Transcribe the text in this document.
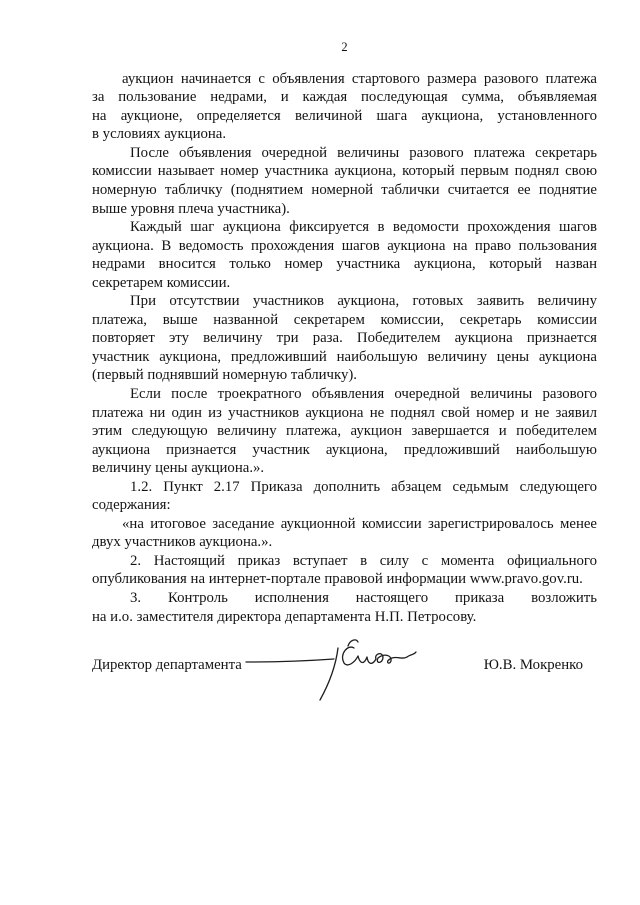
2
аукцион начинается с объявления стартового размера разового платежа
за пользование недрами, и каждая последующая сумма, объявляемая
на аукционе, определяется величиной шага аукциона, установленного
в условиях аукциона.
После объявления очередной величины разового платежа секретарь
комиссии называет номер участника аукциона, который первым поднял свою
номерную табличку (поднятием номерной таблички считается ее поднятие
выше уровня плеча участника).
Каждый шаг аукциона фиксируется в ведомости прохождения шагов
аукциона. В ведомость прохождения шагов аукциона на право пользования
недрами вносится только номер участника аукциона, который назван
секретарем комиссии.
При отсутствии участников аукциона, готовых заявить величину
платежа, выше названной секретарем комиссии, секретарь комиссии
повторяет эту величину три раза. Победителем аукциона признается
участник аукциона, предложивший наибольшую величину цены аукциона
(первый поднявший номерную табличку).
Если после троекратного объявления очередной величины разового
платежа ни один из участников аукциона не поднял свой номер и не заявил
этим следующую величину платежа, аукцион завершается и победителем
аукциона признается участник аукциона, предложивший наибольшую
величину цены аукциона.».
1.2. Пункт 2.17 Приказа дополнить абзацем седьмым следующего
содержания:
«на итоговое заседание аукционной комиссии зарегистрировалось менее
двух участников аукциона.».
2. Настоящий приказ вступает в силу с момента официального
опубликования на интернет-портале правовой информации www.pravo.gov.ru.
3. Контроль исполнения настоящего приказа возложить
на и.о. заместителя директора департамента Н.П. Петросову.
Директор департамента	Ю.В. Мокренко
